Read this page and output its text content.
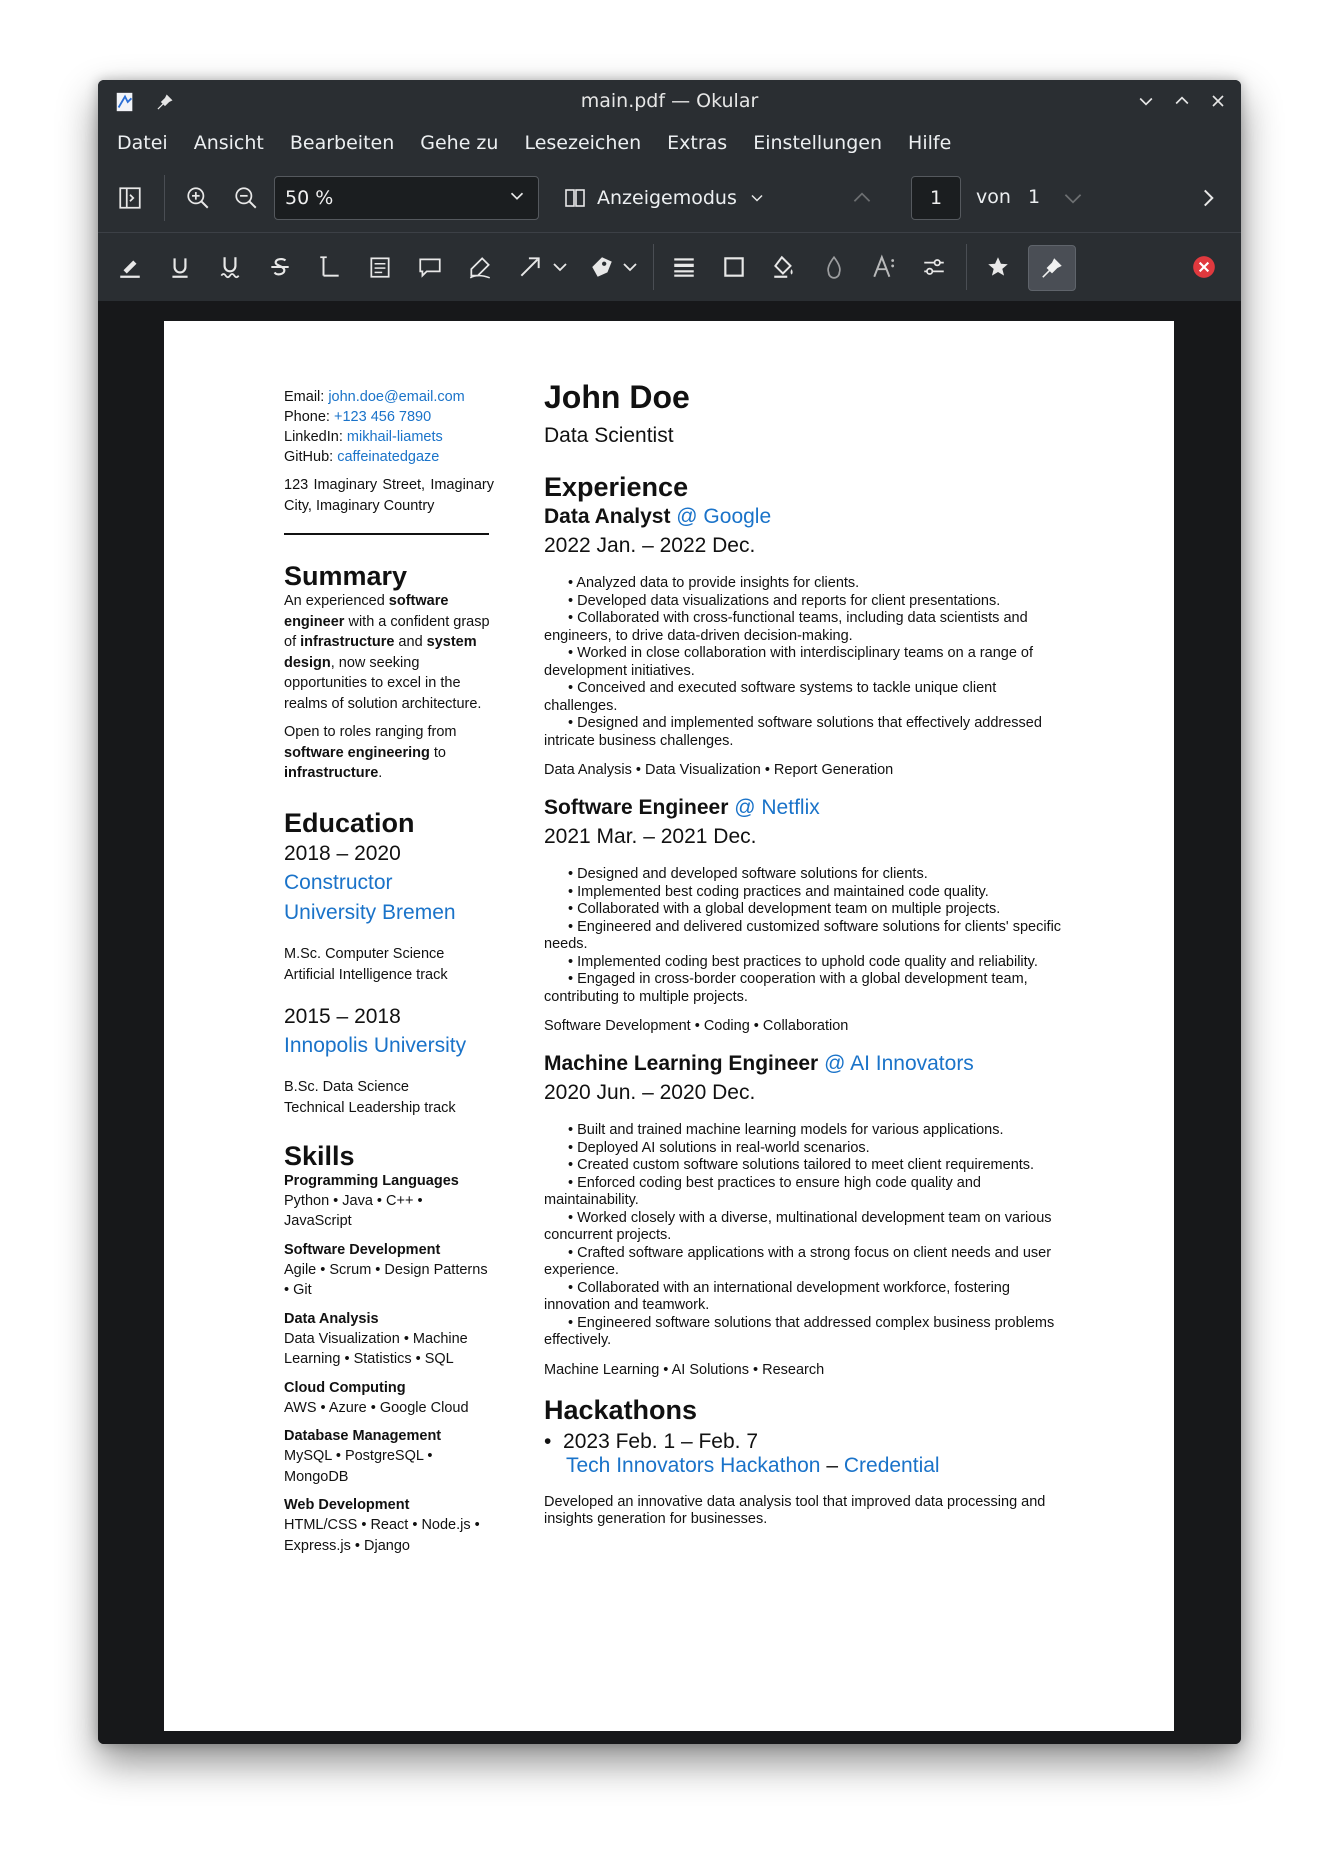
main.pdf — Okular
Datei	Ansicht	Bearbeiten	Gehe zu	Lesezeichen	Extras	Einstellungen	Hilfe
50 %	Anzeigemodus	1	von 1
Email: john.doe@email.com
Phone: +123 456 7890
LinkedIn: mikhail-liamets
GitHub: caffeinatedgaze
123 Imaginary Street, Imaginary City, Imaginary Country
Summary
An experienced software engineer with a confident grasp of infrastructure and system design, now seeking opportunities to excel in the realms of solution architecture.
Open to roles ranging from software engineering to infrastructure.
Education
2018 – 2020
Constructor
University Bremen
M.Sc. Computer Science
Artificial Intelligence track
2015 – 2018
Innopolis University
B.Sc. Data Science
Technical Leadership track
Skills
Programming Languages
Python • Java • C++ • JavaScript
Software Development
Agile • Scrum • Design Patterns • Git
Data Analysis
Data Visualization • Machine Learning • Statistics • SQL
Cloud Computing
AWS • Azure • Google Cloud
Database Management
MySQL • PostgreSQL • MongoDB
Web Development
HTML/CSS • React • Node.js • Express.js • Django
John Doe
Data Scientist
Experience
Data Analyst @ Google
2022 Jan. – 2022 Dec.
• Analyzed data to provide insights for clients.
• Developed data visualizations and reports for client presentations.
• Collaborated with cross-functional teams, including data scientists and engineers, to drive data-driven decision-making.
• Worked in close collaboration with interdisciplinary teams on a range of development initiatives.
• Conceived and executed software systems to tackle unique client challenges.
• Designed and implemented software solutions that effectively addressed intricate business challenges.
Data Analysis • Data Visualization • Report Generation
Software Engineer @ Netflix
2021 Mar. – 2021 Dec.
• Designed and developed software solutions for clients.
• Implemented best coding practices and maintained code quality.
• Collaborated with a global development team on multiple projects.
• Engineered and delivered customized software solutions for clients' specific needs.
• Implemented coding best practices to uphold code quality and reliability.
• Engaged in cross-border cooperation with a global development team, contributing to multiple projects.
Software Development • Coding • Collaboration
Machine Learning Engineer @ AI Innovators
2020 Jun. – 2020 Dec.
• Built and trained machine learning models for various applications.
• Deployed AI solutions in real-world scenarios.
• Created custom software solutions tailored to meet client requirements.
• Enforced coding best practices to ensure high code quality and maintainability.
• Worked closely with a diverse, multinational development team on various concurrent projects.
• Crafted software applications with a strong focus on client needs and user experience.
• Collaborated with an international development workforce, fostering innovation and teamwork.
• Engineered software solutions that addressed complex business problems effectively.
Machine Learning • AI Solutions • Research
Hackathons
•  2023 Feb. 1 – Feb. 7
Tech Innovators Hackathon – Credential
Developed an innovative data analysis tool that improved data processing and insights generation for businesses.
